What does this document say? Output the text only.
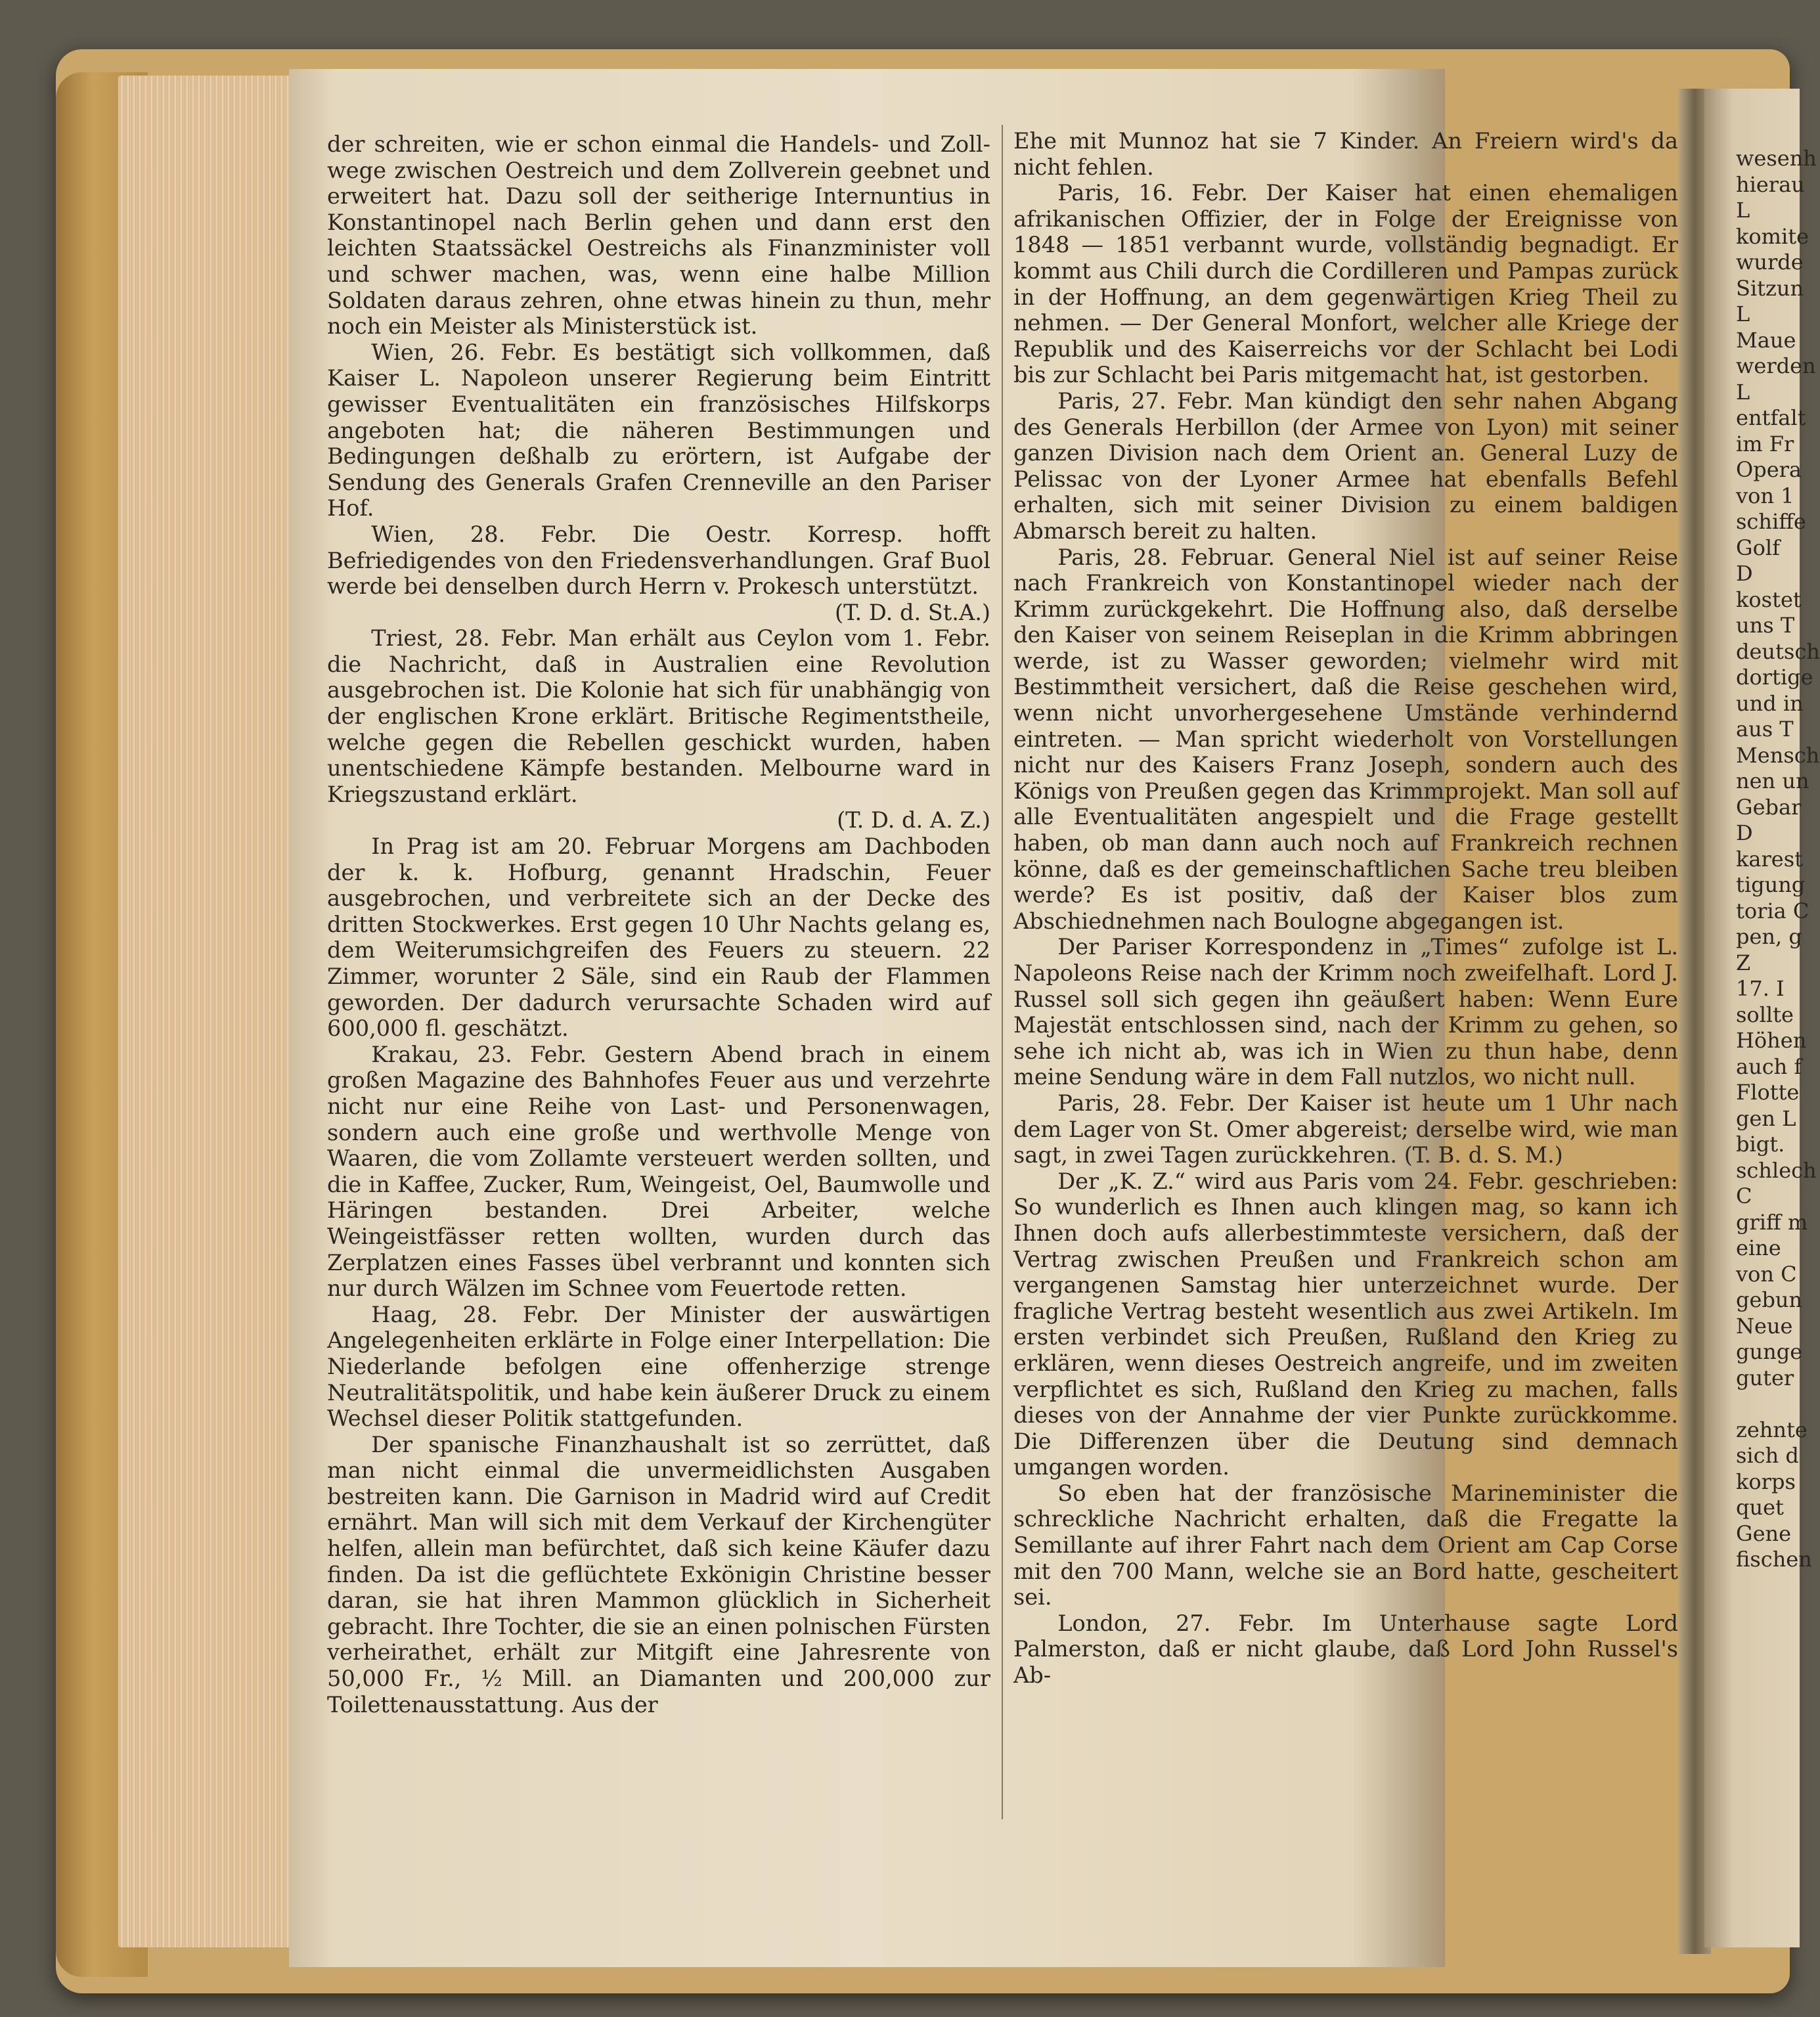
der schreiten, wie er schon einmal die Handels- und Zollwege zwischen Oestreich und dem Zollverein geebnet und erweitert hat. Dazu soll der seitherige Internuntius in Konstantinopel nach Berlin gehen und dann erst den leichten Staatssäckel Oestreichs als Finanzminister voll und schwer machen, was, wenn eine halbe Million Soldaten daraus zehren, ohne etwas hinein zu thun, mehr noch ein Meister als Ministerstück ist.

Wien, 26. Febr. Es bestätigt sich vollkommen, daß Kaiser L. Napoleon unserer Regierung beim Eintritt gewisser Eventualitäten ein französisches Hilfskorps angeboten hat; die näheren Bestimmungen und Bedingungen deßhalb zu erörtern, ist Aufgabe der Sendung des Generals Grafen Crenneville an den Pariser Hof.

Wien, 28. Febr. Die Oestr. Korresp. hofft Befriedigendes von den Friedensverhandlungen. Graf Buol werde bei denselben durch Herrn v. Prokesch unterstützt.

(T. D. d. St.A.)

Triest, 28. Febr. Man erhält aus Ceylon vom 1. Febr. die Nachricht, daß in Australien eine Revolution ausgebrochen ist. Die Kolonie hat sich für unabhängig von der englischen Krone erklärt. Britische Regimentstheile, welche gegen die Rebellen geschickt wurden, haben unentschiedene Kämpfe bestanden. Melbourne ward in Kriegszustand erklärt.

(T. D. d. A. Z.)

In Prag ist am 20. Februar Morgens am Dachboden der k. k. Hofburg, genannt Hradschin, Feuer ausgebrochen, und verbreitete sich an der Decke des dritten Stockwerkes. Erst gegen 10 Uhr Nachts gelang es, dem Weiterumsichgreifen des Feuers zu steuern. 22 Zimmer, worunter 2 Säle, sind ein Raub der Flammen geworden. Der dadurch verursachte Schaden wird auf 600,000 fl. geschätzt.

Krakau, 23. Febr. Gestern Abend brach in einem großen Magazine des Bahnhofes Feuer aus und verzehrte nicht nur eine Reihe von Last- und Personenwagen, sondern auch eine große und werthvolle Menge von Waaren, die vom Zollamte versteuert werden sollten, und die in Kaffee, Zucker, Rum, Weingeist, Oel, Baumwolle und Häringen bestanden. Drei Arbeiter, welche Weingeistfässer retten wollten, wurden durch das Zerplatzen eines Fasses übel verbrannt und konnten sich nur durch Wälzen im Schnee vom Feuertode retten.

Haag, 28. Febr. Der Minister der auswärtigen Angelegenheiten erklärte in Folge einer Interpellation: Die Niederlande befolgen eine offenherzige strenge Neutralitätspolitik, und habe kein äußerer Druck zu einem Wechsel dieser Politik stattgefunden.

Der spanische Finanzhaushalt ist so zerrüttet, daß man nicht einmal die unvermeidlichsten Ausgaben bestreiten kann. Die Garnison in Madrid wird auf Credit ernährt. Man will sich mit dem Verkauf der Kirchengüter helfen, allein man befürchtet, daß sich keine Käufer dazu finden. Da ist die geflüchtete Exkönigin Christine besser daran, sie hat ihren Mammon glücklich in Sicherheit gebracht. Ihre Tochter, die sie an einen polnischen Fürsten verheirathet, erhält zur Mitgift eine Jahresrente von 50,000 Fr., ½ Mill. an Diamanten und 200,000 zur Toilettenausstattung. Aus der

Ehe mit Munnoz hat sie 7 Kinder. An Freiern wird's da nicht fehlen.

Paris, 16. Febr. Der Kaiser hat einen ehemaligen afrikanischen Offizier, der in Folge der Ereignisse von 1848 — 1851 verbannt wurde, vollständig begnadigt. Er kommt aus Chili durch die Cordilleren und Pampas zurück in der Hoffnung, an dem gegenwärtigen Krieg Theil zu nehmen. — Der General Monfort, welcher alle Kriege der Republik und des Kaiserreichs vor der Schlacht bei Lodi bis zur Schlacht bei Paris mitgemacht hat, ist gestorben.

Paris, 27. Febr. Man kündigt den sehr nahen Abgang des Generals Herbillon (der Armee von Lyon) mit seiner ganzen Division nach dem Orient an. General Luzy de Pelissac von der Lyoner Armee hat ebenfalls Befehl erhalten, sich mit seiner Division zu einem baldigen Abmarsch bereit zu halten.

Paris, 28. Februar. General Niel ist auf seiner Reise nach Frankreich von Konstantinopel wieder nach der Krimm zurückgekehrt. Die Hoffnung also, daß derselbe den Kaiser von seinem Reiseplan in die Krimm abbringen werde, ist zu Wasser geworden; vielmehr wird mit Bestimmtheit versichert, daß die Reise geschehen wird, wenn nicht unvorhergesehene Umstände verhindernd eintreten. — Man spricht wiederholt von Vorstellungen nicht nur des Kaisers Franz Joseph, sondern auch des Königs von Preußen gegen das Krimmprojekt. Man soll auf alle Eventualitäten angespielt und die Frage gestellt haben, ob man dann auch noch auf Frankreich rechnen könne, daß es der gemeinschaftlichen Sache treu bleiben werde? Es ist positiv, daß der Kaiser blos zum Abschiednehmen nach Boulogne abgegangen ist.

Der Pariser Korrespondenz in „Times“ zufolge ist L. Napoleons Reise nach der Krimm noch zweifelhaft. Lord J. Russel soll sich gegen ihn geäußert haben: Wenn Eure Majestät entschlossen sind, nach der Krimm zu gehen, so sehe ich nicht ab, was ich in Wien zu thun habe, denn meine Sendung wäre in dem Fall nutzlos, wo nicht null.

Paris, 28. Febr. Der Kaiser ist heute um 1 Uhr nach dem Lager von St. Omer abgereist; derselbe wird, wie man sagt, in zwei Tagen zurückkehren. (T. B. d. S. M.)

Der „K. Z.“ wird aus Paris vom 24. Febr. geschrieben: So wunderlich es Ihnen auch klingen mag, so kann ich Ihnen doch aufs allerbestimmteste versichern, daß der Vertrag zwischen Preußen und Frankreich schon am vergangenen Samstag hier unterzeichnet wurde. Der fragliche Vertrag besteht wesentlich aus zwei Artikeln. Im ersten verbindet sich Preußen, Rußland den Krieg zu erklären, wenn dieses Oestreich angreife, und im zweiten verpflichtet es sich, Rußland den Krieg zu machen, falls dieses von der Annahme der vier Punkte zurückkomme. Die Differenzen über die Deutung sind demnach umgangen worden.

So eben hat der französische Marineminister die schreckliche Nachricht erhalten, daß die Fregatte la Semillante auf ihrer Fahrt nach dem Orient am Cap Corse mit den 700 Mann, welche sie an Bord hatte, gescheitert sei.

London, 27. Febr. Im Unterhause sagte Lord Palmerston, daß er nicht glaube, daß Lord John Russel's Ab-

wesenh
hierau
L
komite
wurde
Sitzun
L
Maue
werden
L
entfalt
im Fr
Opera
von 1
schiffe
Golf
D
kostet
uns T
deutsch
dortige
und in
aus T
Mensch
nen un
Gebar
D
karest
tigung
toria C
pen, g
Z
17. I
sollte
Höhen
auch f
Flotte
gen L
bigt.
schlech
C
griff m
eine
von C
gebun
Neue
gunge
guter

zehnte
sich d
korps
quet
Gene
fischen
